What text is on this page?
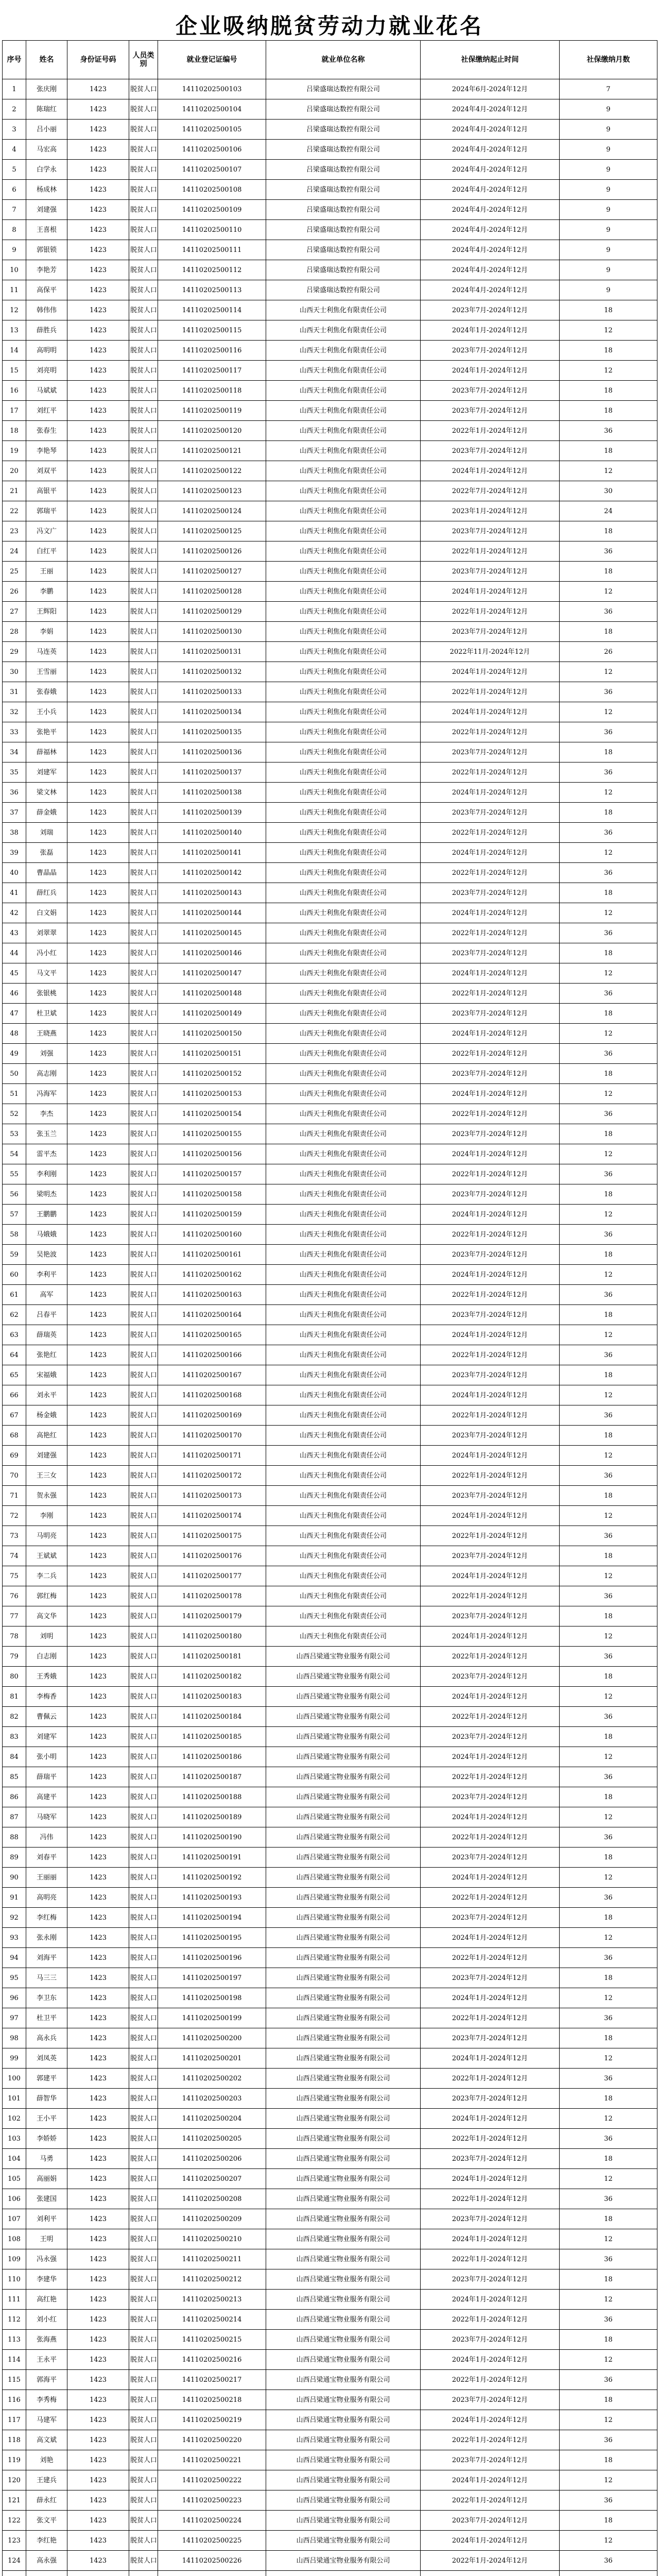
企业吸纳脱贫劳动力就业花名
序号	姓名	身份证号码	人员类别	就业登记证编号	就业单位名称	社保缴纳起止时间	社保缴纳月数
1	张庆刚	1423	脱贫人口	14110202500103	吕梁盛瑞达数控有限公司	2024年6月-2024年12月	7
2	陈瑞红	1423	脱贫人口	14110202500104	吕梁盛瑞达数控有限公司	2024年4月-2024年12月	9
3	吕小丽	1423	脱贫人口	14110202500105	吕梁盛瑞达数控有限公司	2024年4月-2024年12月	9
4	马宏高	1423	脱贫人口	14110202500106	吕梁盛瑞达数控有限公司	2024年4月-2024年12月	9
5	白学永	1423	脱贫人口	14110202500107	吕梁盛瑞达数控有限公司	2024年4月-2024年12月	9
6	杨成林	1423	脱贫人口	14110202500108	吕梁盛瑞达数控有限公司	2024年4月-2024年12月	9
7	刘建强	1423	脱贫人口	14110202500109	吕梁盛瑞达数控有限公司	2024年4月-2024年12月	9
8	王喜根	1423	脱贫人口	14110202500110	吕梁盛瑞达数控有限公司	2024年4月-2024年12月	9
9	郭银锁	1423	脱贫人口	14110202500111	吕梁盛瑞达数控有限公司	2024年4月-2024年12月	9
10	李艳芳	1423	脱贫人口	14110202500112	吕梁盛瑞达数控有限公司	2024年4月-2024年12月	9
11	高保平	1423	脱贫人口	14110202500113	吕梁盛瑞达数控有限公司	2024年4月-2024年12月	9
12	韩伟伟	1423	脱贫人口	14110202500114	山西天士利焦化有限责任公司	2023年7月-2024年12月	18
13	薛胜兵	1423	脱贫人口	14110202500115	山西天士利焦化有限责任公司	2024年1月-2024年12月	12
14	高明明	1423	脱贫人口	14110202500116	山西天士利焦化有限责任公司	2023年7月-2024年12月	18
15	刘亮明	1423	脱贫人口	14110202500117	山西天士利焦化有限责任公司	2024年1月-2024年12月	12
16	马斌斌	1423	脱贫人口	14110202500118	山西天士利焦化有限责任公司	2023年7月-2024年12月	18
17	刘红平	1423	脱贫人口	14110202500119	山西天士利焦化有限责任公司	2023年7月-2024年12月	18
18	张春生	1423	脱贫人口	14110202500120	山西天士利焦化有限责任公司	2022年1月-2024年12月	36
19	李艳琴	1423	脱贫人口	14110202500121	山西天士利焦化有限责任公司	2023年7月-2024年12月	18
20	刘双平	1423	脱贫人口	14110202500122	山西天士利焦化有限责任公司	2024年1月-2024年12月	12
21	高银平	1423	脱贫人口	14110202500123	山西天士利焦化有限责任公司	2022年7月-2024年12月	30
22	郭瑞平	1423	脱贫人口	14110202500124	山西天士利焦化有限责任公司	2023年1月-2024年12月	24
23	冯文广	1423	脱贫人口	14110202500125	山西天士利焦化有限责任公司	2023年7月-2024年12月	18
24	白红平	1423	脱贫人口	14110202500126	山西天士利焦化有限责任公司	2022年1月-2024年12月	36
25	王丽	1423	脱贫人口	14110202500127	山西天士利焦化有限责任公司	2023年7月-2024年12月	18
26	李鹏	1423	脱贫人口	14110202500128	山西天士利焦化有限责任公司	2024年1月-2024年12月	12
27	王辉阳	1423	脱贫人口	14110202500129	山西天士利焦化有限责任公司	2022年1月-2024年12月	36
28	李娟	1423	脱贫人口	14110202500130	山西天士利焦化有限责任公司	2023年7月-2024年12月	18
29	马连英	1423	脱贫人口	14110202500131	山西天士利焦化有限责任公司	2022年11月-2024年12月	26
30	王雪丽	1423	脱贫人口	14110202500132	山西天士利焦化有限责任公司	2024年1月-2024年12月	12
31	张春娥	1423	脱贫人口	14110202500133	山西天士利焦化有限责任公司	2022年1月-2024年12月	36
32	王小兵	1423	脱贫人口	14110202500134	山西天士利焦化有限责任公司	2024年1月-2024年12月	12
33	张艳平	1423	脱贫人口	14110202500135	山西天士利焦化有限责任公司	2022年1月-2024年12月	36
34	薛福林	1423	脱贫人口	14110202500136	山西天士利焦化有限责任公司	2023年7月-2024年12月	18
35	刘建军	1423	脱贫人口	14110202500137	山西天士利焦化有限责任公司	2022年1月-2024年12月	36
36	梁文林	1423	脱贫人口	14110202500138	山西天士利焦化有限责任公司	2024年1月-2024年12月	12
37	薛金娥	1423	脱贫人口	14110202500139	山西天士利焦化有限责任公司	2023年7月-2024年12月	18
38	刘瑞	1423	脱贫人口	14110202500140	山西天士利焦化有限责任公司	2022年1月-2024年12月	36
39	张磊	1423	脱贫人口	14110202500141	山西天士利焦化有限责任公司	2024年1月-2024年12月	12
40	曹晶晶	1423	脱贫人口	14110202500142	山西天士利焦化有限责任公司	2022年1月-2024年12月	36
41	薛红兵	1423	脱贫人口	14110202500143	山西天士利焦化有限责任公司	2023年7月-2024年12月	18
42	白文娟	1423	脱贫人口	14110202500144	山西天士利焦化有限责任公司	2024年1月-2024年12月	12
43	刘翠翠	1423	脱贫人口	14110202500145	山西天士利焦化有限责任公司	2022年1月-2024年12月	36
44	冯小红	1423	脱贫人口	14110202500146	山西天士利焦化有限责任公司	2023年7月-2024年12月	18
45	马文平	1423	脱贫人口	14110202500147	山西天士利焦化有限责任公司	2024年1月-2024年12月	12
46	张银桃	1423	脱贫人口	14110202500148	山西天士利焦化有限责任公司	2022年1月-2024年12月	36
47	杜卫斌	1423	脱贫人口	14110202500149	山西天士利焦化有限责任公司	2023年7月-2024年12月	18
48	王晓燕	1423	脱贫人口	14110202500150	山西天士利焦化有限责任公司	2024年1月-2024年12月	12
49	刘强	1423	脱贫人口	14110202500151	山西天士利焦化有限责任公司	2022年1月-2024年12月	36
50	高志刚	1423	脱贫人口	14110202500152	山西天士利焦化有限责任公司	2023年7月-2024年12月	18
51	冯海军	1423	脱贫人口	14110202500153	山西天士利焦化有限责任公司	2024年1月-2024年12月	12
52	李杰	1423	脱贫人口	14110202500154	山西天士利焦化有限责任公司	2022年1月-2024年12月	36
53	张玉兰	1423	脱贫人口	14110202500155	山西天士利焦化有限责任公司	2023年7月-2024年12月	18
54	雷平杰	1423	脱贫人口	14110202500156	山西天士利焦化有限责任公司	2024年1月-2024年12月	12
55	李利刚	1423	脱贫人口	14110202500157	山西天士利焦化有限责任公司	2022年1月-2024年12月	36
56	梁明杰	1423	脱贫人口	14110202500158	山西天士利焦化有限责任公司	2023年7月-2024年12月	18
57	王鹏鹏	1423	脱贫人口	14110202500159	山西天士利焦化有限责任公司	2024年1月-2024年12月	12
58	马娥娥	1423	脱贫人口	14110202500160	山西天士利焦化有限责任公司	2022年1月-2024年12月	36
59	吴艳波	1423	脱贫人口	14110202500161	山西天士利焦化有限责任公司	2023年7月-2024年12月	18
60	李利平	1423	脱贫人口	14110202500162	山西天士利焦化有限责任公司	2024年1月-2024年12月	12
61	高军	1423	脱贫人口	14110202500163	山西天士利焦化有限责任公司	2022年1月-2024年12月	36
62	吕春平	1423	脱贫人口	14110202500164	山西天士利焦化有限责任公司	2023年7月-2024年12月	18
63	薛瑞英	1423	脱贫人口	14110202500165	山西天士利焦化有限责任公司	2024年1月-2024年12月	12
64	张艳红	1423	脱贫人口	14110202500166	山西天士利焦化有限责任公司	2022年1月-2024年12月	36
65	宋福娥	1423	脱贫人口	14110202500167	山西天士利焦化有限责任公司	2023年7月-2024年12月	18
66	刘永平	1423	脱贫人口	14110202500168	山西天士利焦化有限责任公司	2024年1月-2024年12月	12
67	杨金娥	1423	脱贫人口	14110202500169	山西天士利焦化有限责任公司	2022年1月-2024年12月	36
68	高艳红	1423	脱贫人口	14110202500170	山西天士利焦化有限责任公司	2023年7月-2024年12月	18
69	刘建强	1423	脱贫人口	14110202500171	山西天士利焦化有限责任公司	2024年1月-2024年12月	12
70	王三女	1423	脱贫人口	14110202500172	山西天士利焦化有限责任公司	2022年1月-2024年12月	36
71	贺永强	1423	脱贫人口	14110202500173	山西天士利焦化有限责任公司	2023年7月-2024年12月	18
72	李刚	1423	脱贫人口	14110202500174	山西天士利焦化有限责任公司	2024年1月-2024年12月	12
73	马明亮	1423	脱贫人口	14110202500175	山西天士利焦化有限责任公司	2022年1月-2024年12月	36
74	王斌斌	1423	脱贫人口	14110202500176	山西天士利焦化有限责任公司	2023年7月-2024年12月	18
75	李二兵	1423	脱贫人口	14110202500177	山西天士利焦化有限责任公司	2024年1月-2024年12月	12
76	郭红梅	1423	脱贫人口	14110202500178	山西天士利焦化有限责任公司	2022年1月-2024年12月	36
77	高文华	1423	脱贫人口	14110202500179	山西天士利焦化有限责任公司	2023年7月-2024年12月	18
78	刘明	1423	脱贫人口	14110202500180	山西天士利焦化有限责任公司	2024年1月-2024年12月	12
79	白志刚	1423	脱贫人口	14110202500181	山西吕梁通宝物业服务有限公司	2022年1月-2024年12月	36
80	王秀娥	1423	脱贫人口	14110202500182	山西吕梁通宝物业服务有限公司	2023年7月-2024年12月	18
81	李梅香	1423	脱贫人口	14110202500183	山西吕梁通宝物业服务有限公司	2024年1月-2024年12月	12
82	曹佩云	1423	脱贫人口	14110202500184	山西吕梁通宝物业服务有限公司	2022年1月-2024年12月	36
83	刘建军	1423	脱贫人口	14110202500185	山西吕梁通宝物业服务有限公司	2023年7月-2024年12月	18
84	张小明	1423	脱贫人口	14110202500186	山西吕梁通宝物业服务有限公司	2024年1月-2024年12月	12
85	薛瑞平	1423	脱贫人口	14110202500187	山西吕梁通宝物业服务有限公司	2022年1月-2024年12月	36
86	高建平	1423	脱贫人口	14110202500188	山西吕梁通宝物业服务有限公司	2023年7月-2024年12月	18
87	马晓军	1423	脱贫人口	14110202500189	山西吕梁通宝物业服务有限公司	2024年1月-2024年12月	12
88	冯伟	1423	脱贫人口	14110202500190	山西吕梁通宝物业服务有限公司	2022年1月-2024年12月	36
89	刘春平	1423	脱贫人口	14110202500191	山西吕梁通宝物业服务有限公司	2023年7月-2024年12月	18
90	王丽丽	1423	脱贫人口	14110202500192	山西吕梁通宝物业服务有限公司	2024年1月-2024年12月	12
91	高明亮	1423	脱贫人口	14110202500193	山西吕梁通宝物业服务有限公司	2022年1月-2024年12月	36
92	李红梅	1423	脱贫人口	14110202500194	山西吕梁通宝物业服务有限公司	2023年7月-2024年12月	18
93	张永刚	1423	脱贫人口	14110202500195	山西吕梁通宝物业服务有限公司	2024年1月-2024年12月	12
94	刘海平	1423	脱贫人口	14110202500196	山西吕梁通宝物业服务有限公司	2022年1月-2024年12月	36
95	马三三	1423	脱贫人口	14110202500197	山西吕梁通宝物业服务有限公司	2023年7月-2024年12月	18
96	李卫东	1423	脱贫人口	14110202500198	山西吕梁通宝物业服务有限公司	2024年1月-2024年12月	12
97	杜卫平	1423	脱贫人口	14110202500199	山西吕梁通宝物业服务有限公司	2022年1月-2024年12月	36
98	高永兵	1423	脱贫人口	14110202500200	山西吕梁通宝物业服务有限公司	2023年7月-2024年12月	18
99	刘凤英	1423	脱贫人口	14110202500201	山西吕梁通宝物业服务有限公司	2024年1月-2024年12月	12
100	郭建平	1423	脱贫人口	14110202500202	山西吕梁通宝物业服务有限公司	2022年1月-2024年12月	36
101	薛智华	1423	脱贫人口	14110202500203	山西吕梁通宝物业服务有限公司	2023年7月-2024年12月	18
102	王小平	1423	脱贫人口	14110202500204	山西吕梁通宝物业服务有限公司	2024年1月-2024年12月	12
103	李娇娇	1423	脱贫人口	14110202500205	山西吕梁通宝物业服务有限公司	2022年1月-2024年12月	36
104	马勇	1423	脱贫人口	14110202500206	山西吕梁通宝物业服务有限公司	2023年7月-2024年12月	18
105	高丽娟	1423	脱贫人口	14110202500207	山西吕梁通宝物业服务有限公司	2024年1月-2024年12月	12
106	张建国	1423	脱贫人口	14110202500208	山西吕梁通宝物业服务有限公司	2022年1月-2024年12月	36
107	刘利平	1423	脱贫人口	14110202500209	山西吕梁通宝物业服务有限公司	2023年7月-2024年12月	18
108	王明	1423	脱贫人口	14110202500210	山西吕梁通宝物业服务有限公司	2024年1月-2024年12月	12
109	冯永强	1423	脱贫人口	14110202500211	山西吕梁通宝物业服务有限公司	2022年1月-2024年12月	36
110	李建华	1423	脱贫人口	14110202500212	山西吕梁通宝物业服务有限公司	2023年7月-2024年12月	18
111	高红艳	1423	脱贫人口	14110202500213	山西吕梁通宝物业服务有限公司	2024年1月-2024年12月	12
112	刘小红	1423	脱贫人口	14110202500214	山西吕梁通宝物业服务有限公司	2022年1月-2024年12月	36
113	张海燕	1423	脱贫人口	14110202500215	山西吕梁通宝物业服务有限公司	2023年7月-2024年12月	18
114	王永平	1423	脱贫人口	14110202500216	山西吕梁通宝物业服务有限公司	2024年1月-2024年12月	12
115	郭海平	1423	脱贫人口	14110202500217	山西吕梁通宝物业服务有限公司	2022年1月-2024年12月	36
116	李秀梅	1423	脱贫人口	14110202500218	山西吕梁通宝物业服务有限公司	2023年7月-2024年12月	18
117	马建军	1423	脱贫人口	14110202500219	山西吕梁通宝物业服务有限公司	2024年1月-2024年12月	12
118	高文斌	1423	脱贫人口	14110202500220	山西吕梁通宝物业服务有限公司	2022年1月-2024年12月	36
119	刘艳	1423	脱贫人口	14110202500221	山西吕梁通宝物业服务有限公司	2023年7月-2024年12月	18
120	王建兵	1423	脱贫人口	14110202500222	山西吕梁通宝物业服务有限公司	2024年1月-2024年12月	12
121	薛永红	1423	脱贫人口	14110202500223	山西吕梁通宝物业服务有限公司	2022年1月-2024年12月	36
122	张文平	1423	脱贫人口	14110202500224	山西吕梁通宝物业服务有限公司	2023年7月-2024年12月	18
123	李红艳	1423	脱贫人口	14110202500225	山西吕梁通宝物业服务有限公司	2024年1月-2024年12月	12
124	高永强	1423	脱贫人口	14110202500226	山西吕梁通宝物业服务有限公司	2022年1月-2024年12月	36
